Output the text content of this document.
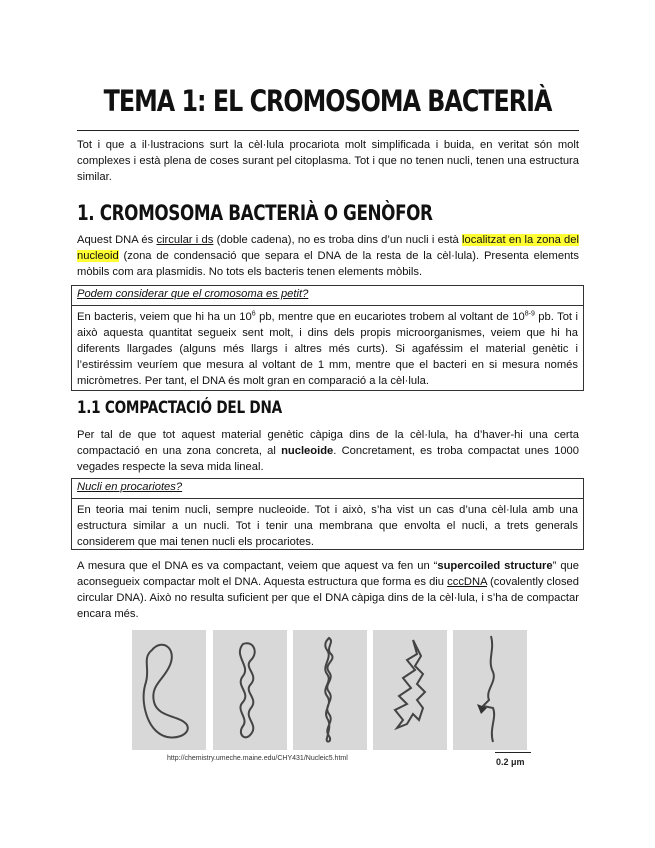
TEMA 1: EL CROMOSOMA BACTERIÀ

Tot i que a il·lustracions surt la cèl·lula procariota molt simplificada i buida, en veritat són molt complexes i està plena de coses surant pel citoplasma. Tot i que no tenen nucli, tenen una estructura similar.

1. CROMOSOMA BACTERIÀ O GENÒFOR

Aquest DNA és circular i ds (doble cadena), no es troba dins d’un nucli i està localitzat en la zona del nucleoid (zona de condensació que separa el DNA de la resta de la cèl·lula). Presenta elements mòbils com ara plasmidis. No tots els bacteris tenen elements mòbils.

Podem considerar que el cromosoma es petit?

En bacteris, veiem que hi ha un $10^6$ pb, mentre que en eucariotes trobem al voltant de 10$^{8-9}$ pb. Tot i això aquesta quantitat segueix sent molt, i dins dels propis microorganismes, veiem que hi ha diferents llargades (alguns més llargs i altres més curts). Si agaféssim el material genètic i l’estiréssim veuríem que mesura al voltant de 1 mm, mentre que el bacteri en si mesura només micròmetres. Per tant, el DNA és molt gran en comparació a la cèl·lula.

1.1 COMPACTACIÓ DEL DNA

Per tal de que tot aquest material genètic càpiga dins de la cèl·lula, ha d’haver-hi una certa compactació en una zona concreta, al nucleoide. Concretament, es troba compactat unes 1000 vegades respecte la seva mida lineal.

Nucli en procariotes?

En teoria mai tenim nucli, sempre nucleoide. Tot i això, s’ha vist un cas d’una cèl·lula amb una estructura similar a un nucli. Tot i tenir una membrana que envolta el nucli, a trets generals considerem que mai tenen nucli els procariotes.

A mesura que el DNA es va compactant, veiem que aquest va fen un “supercoiled structure” que aconsegueix compactar molt el DNA. Aquesta estructura que forma es diu cccDNA (covalently closed circular DNA). Això no resulta suficient per que el DNA càpiga dins de la cèl·lula, i s’ha de compactar encara més.

http://chemistry.umeche.maine.edu/CHY431/Nucleic5.html	0.2 μm
